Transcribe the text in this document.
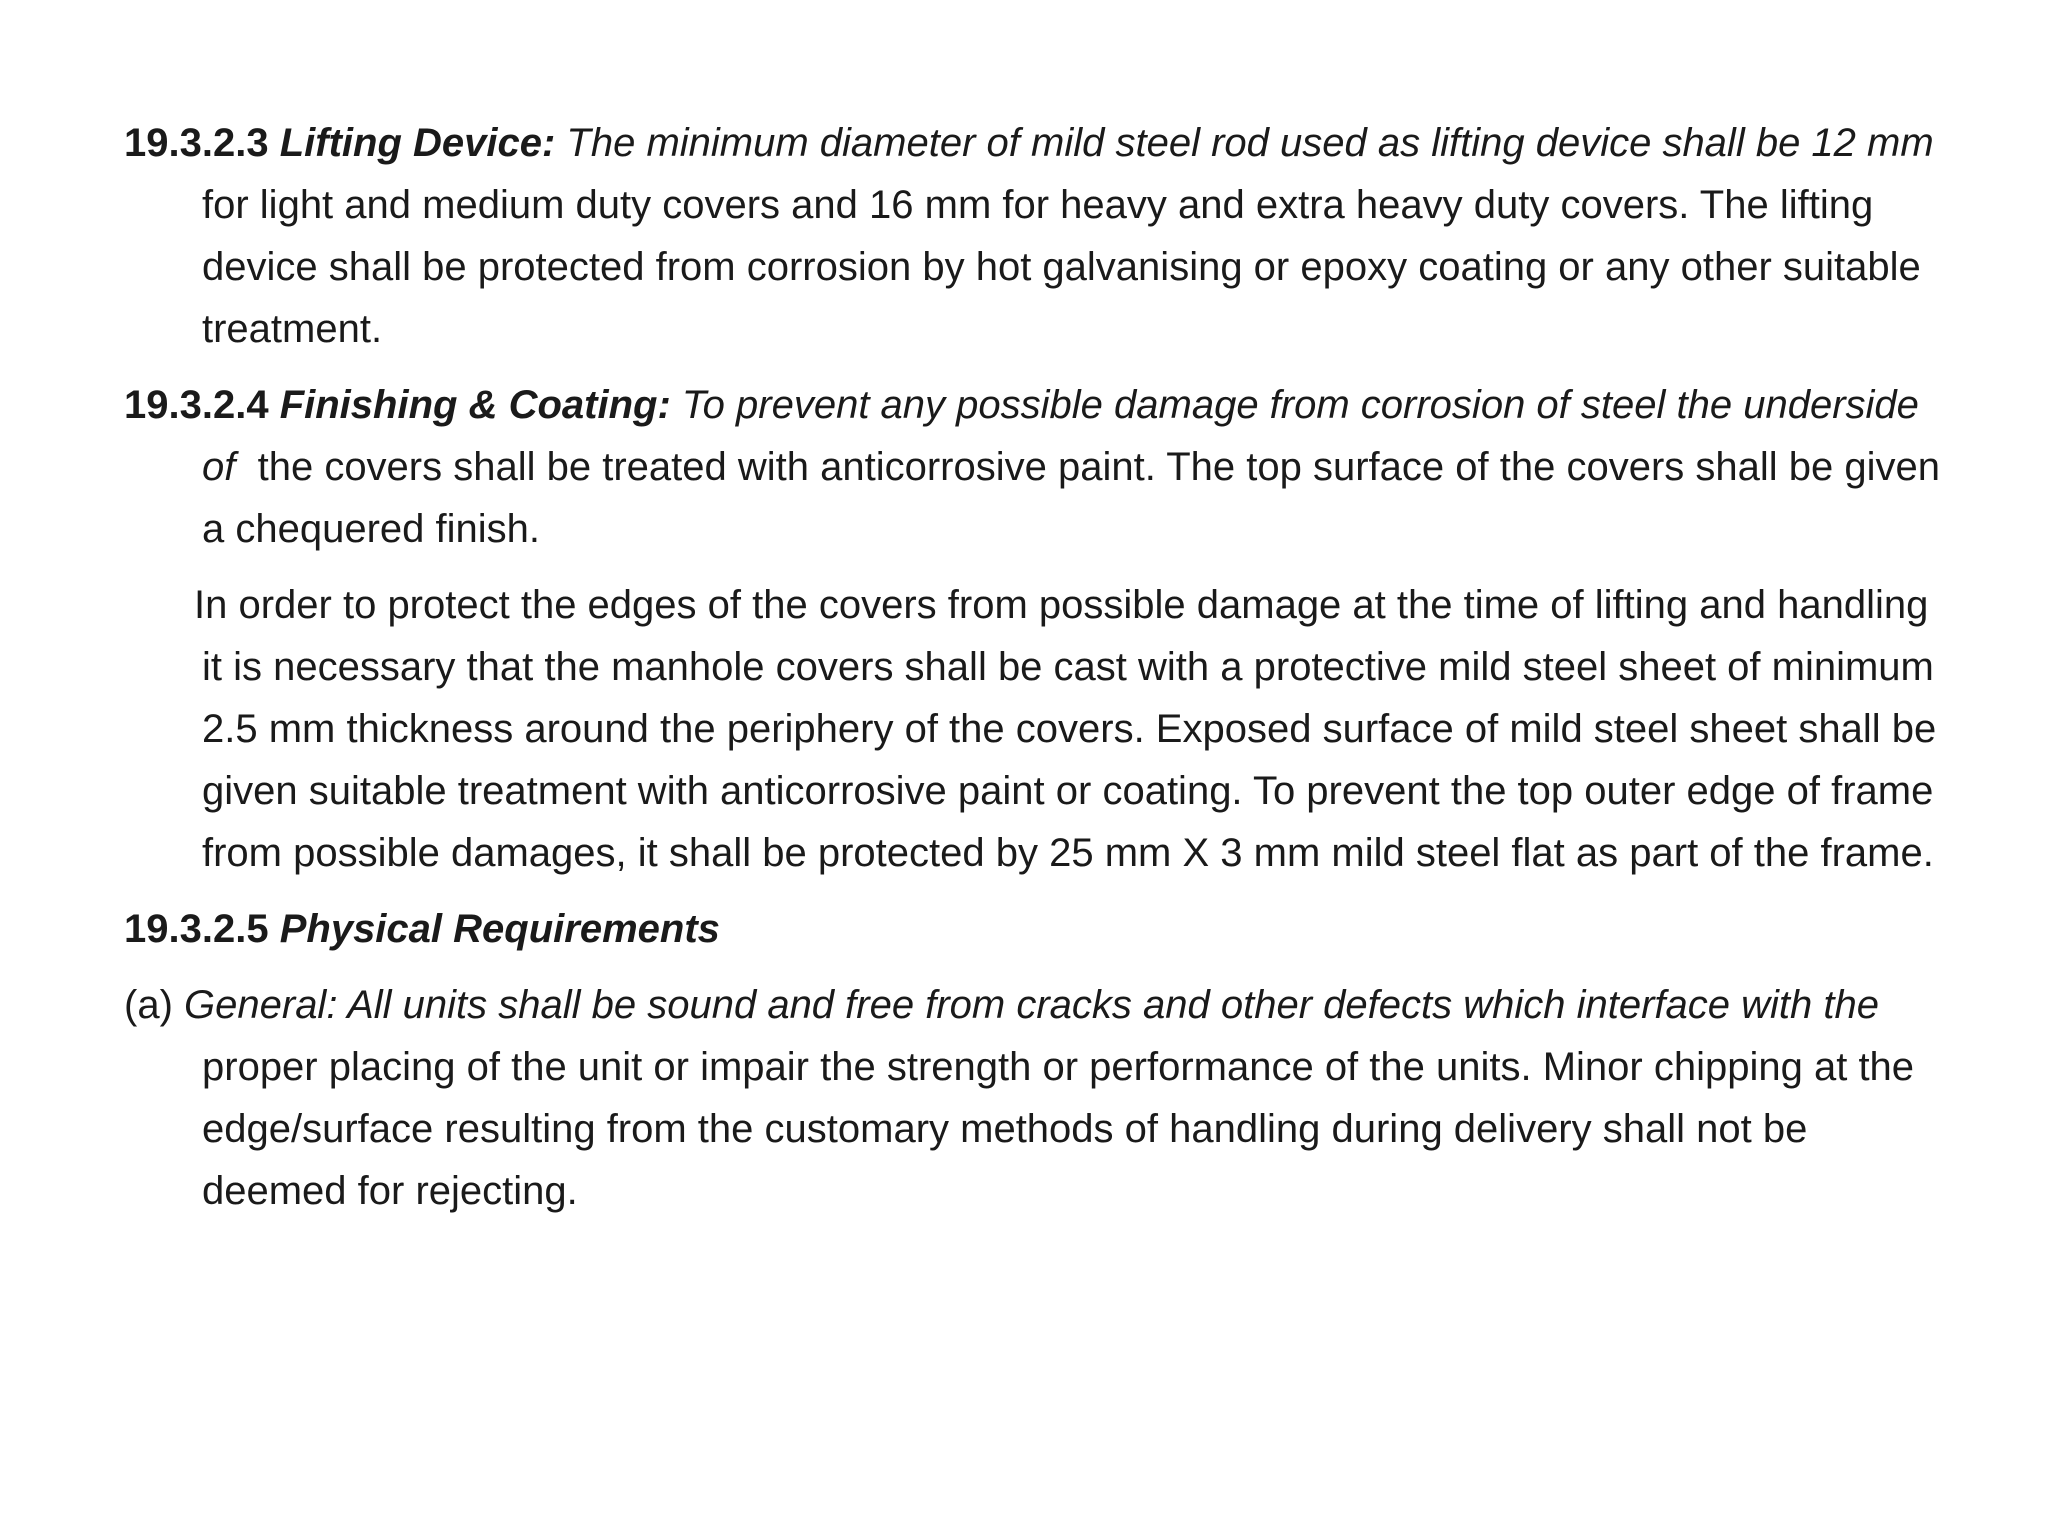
19.3.2.3 Lifting Device: The minimum diameter of mild steel rod used as lifting device shall be 12 mm for light and medium duty covers and 16 mm for heavy and extra heavy duty covers. The lifting device shall be protected from corrosion by hot galvanising or epoxy coating or any other suitable treatment.

19.3.2.4 Finishing & Coating: To prevent any possible damage from corrosion of steel the underside of the covers shall be treated with anticorrosive paint. The top surface of the covers shall be given a chequered finish.

In order to protect the edges of the covers from possible damage at the time of lifting and handling it is necessary that the manhole covers shall be cast with a protective mild steel sheet of minimum 2.5 mm thickness around the periphery of the covers. Exposed surface of mild steel sheet shall be given suitable treatment with anticorrosive paint or coating. To prevent the top outer edge of frame from possible damages, it shall be protected by 25 mm X 3 mm mild steel flat as part of the frame.

19.3.2.5 Physical Requirements

(a) General: All units shall be sound and free from cracks and other defects which interface with the proper placing of the unit or impair the strength or performance of the units. Minor chipping at the edge/surface resulting from the customary methods of handling during delivery shall not be deemed for rejecting.
